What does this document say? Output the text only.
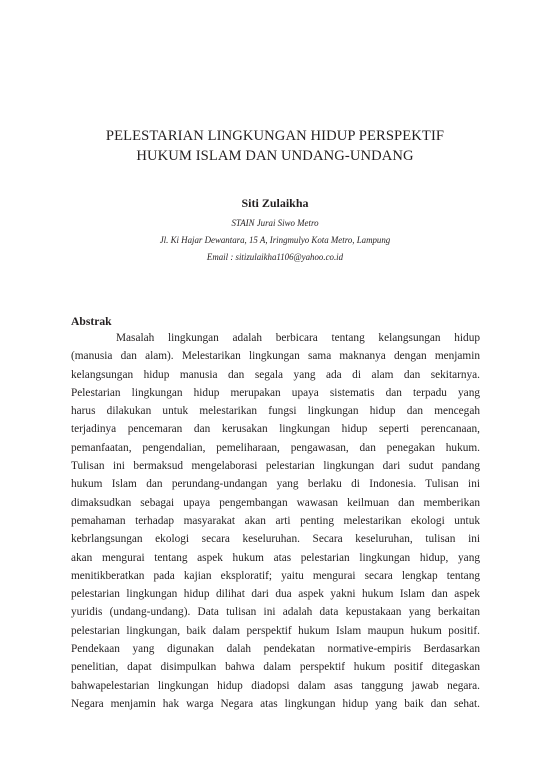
PELESTARIAN LINGKUNGAN HIDUP PERSPEKTIF
HUKUM ISLAM DAN UNDANG-UNDANG
Siti Zulaikha
STAIN Jurai Siwo Metro
Jl. Ki Hajar Dewantara, 15 A, Iringmulyo Kota Metro, Lampung
Email : sitizulaikha1106@yahoo.co.id
Abstrak
Masalah lingkungan adalah berbicara tentang kelangsungan hidup
(manusia dan alam). Melestarikan lingkungan sama maknanya dengan menjamin
kelangsungan hidup manusia dan segala yang ada di alam dan sekitarnya.
Pelestarian lingkungan hidup merupakan upaya sistematis dan terpadu yang
harus dilakukan untuk melestarikan fungsi lingkungan hidup dan mencegah
terjadinya pencemaran dan kerusakan lingkungan hidup seperti perencanaan,
pemanfaatan, pengendalian, pemeliharaan, pengawasan, dan penegakan hukum.
Tulisan ini bermaksud mengelaborasi pelestarian lingkungan dari sudut pandang
hukum Islam dan perundang-undangan yang berlaku di Indonesia. Tulisan ini
dimaksudkan sebagai upaya pengembangan wawasan keilmuan dan memberikan
pemahaman terhadap masyarakat akan arti penting melestarikan ekologi untuk
kebrlangsungan ekologi secara keseluruhan. Secara keseluruhan, tulisan ini
akan mengurai tentang aspek hukum atas pelestarian lingkungan hidup, yang
menitikberatkan pada kajian eksploratif; yaitu mengurai secara lengkap tentang
pelestarian lingkungan hidup dilihat dari dua aspek yakni hukum Islam dan aspek
yuridis (undang-undang). Data tulisan ini adalah data kepustakaan yang berkaitan
pelestarian lingkungan, baik dalam perspektif hukum Islam maupun hukum positif.
Pendekaan yang digunakan dalah pendekatan normative-empiris Berdasarkan
penelitian, dapat disimpulkan bahwa dalam perspektif hukum positif ditegaskan
bahwapelestarian lingkungan hidup diadopsi dalam asas tanggung jawab negara.
Negara menjamin hak warga Negara atas lingkungan hidup yang baik dan sehat.
